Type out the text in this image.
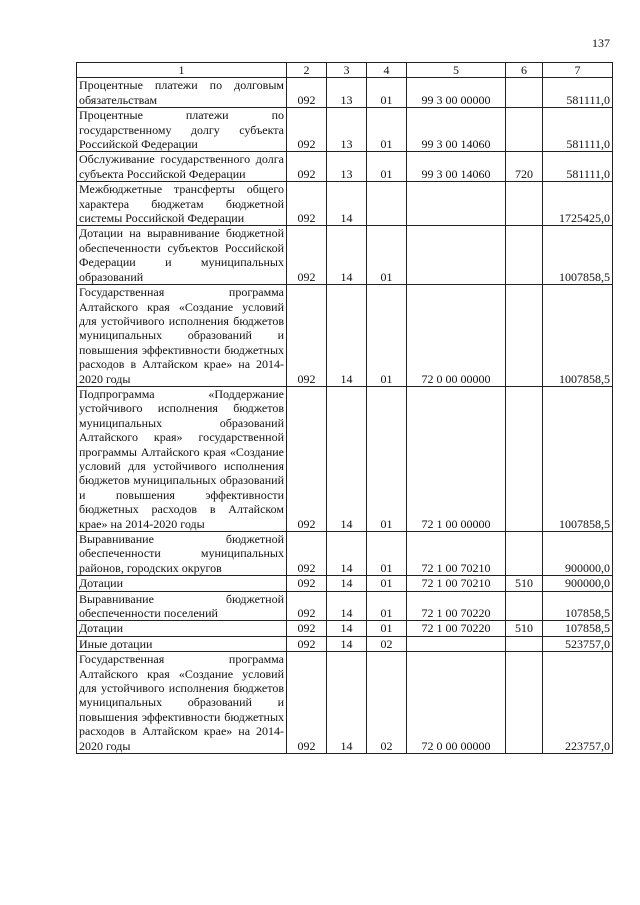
137
1	2	3	4	5	6	7
Процентные платежи по долговым обязательствам	092	13	01	99 3 00 00000		581111,0
Процентные платежи по государственному долгу субъекта Российской Федерации	092	13	01	99 3 00 14060		581111,0
Обслуживание государственного долга субъекта Российской Федерации	092	13	01	99 3 00 14060	720	581111,0
Межбюджетные трансферты общего характера бюджетам бюджетной системы Российской Федерации	092	14				1725425,0
Дотации на выравнивание бюджетной обеспеченности субъектов Российской Федерации и муниципальных образований	092	14	01			1007858,5
Государственная программа Алтайского края «Создание условий для устойчивого исполнения бюджетов муниципальных образований и повышения эффективности бюджетных расходов в Алтайском крае» на 2014-2020 годы	092	14	01	72 0 00 00000		1007858,5
Подпрограмма «Поддержание устойчивого исполнения бюджетов муниципальных образований Алтайского края» государственной программы Алтайского края «Создание условий для устойчивого исполнения бюджетов муниципальных образований и повышения эффективности бюджетных расходов в Алтайском крае» на 2014-2020 годы	092	14	01	72 1 00 00000		1007858,5
Выравнивание бюджетной обеспеченности муниципальных районов, городских округов	092	14	01	72 1 00 70210		900000,0
Дотации	092	14	01	72 1 00 70210	510	900000,0
Выравнивание бюджетной обеспеченности поселений	092	14	01	72 1 00 70220		107858,5
Дотации	092	14	01	72 1 00 70220	510	107858,5
Иные дотации	092	14	02			523757,0
Государственная программа Алтайского края «Создание условий для устойчивого исполнения бюджетов муниципальных образований и повышения эффективности бюджетных расходов в Алтайском крае» на 2014-2020 годы	092	14	02	72 0 00 00000		223757,0
